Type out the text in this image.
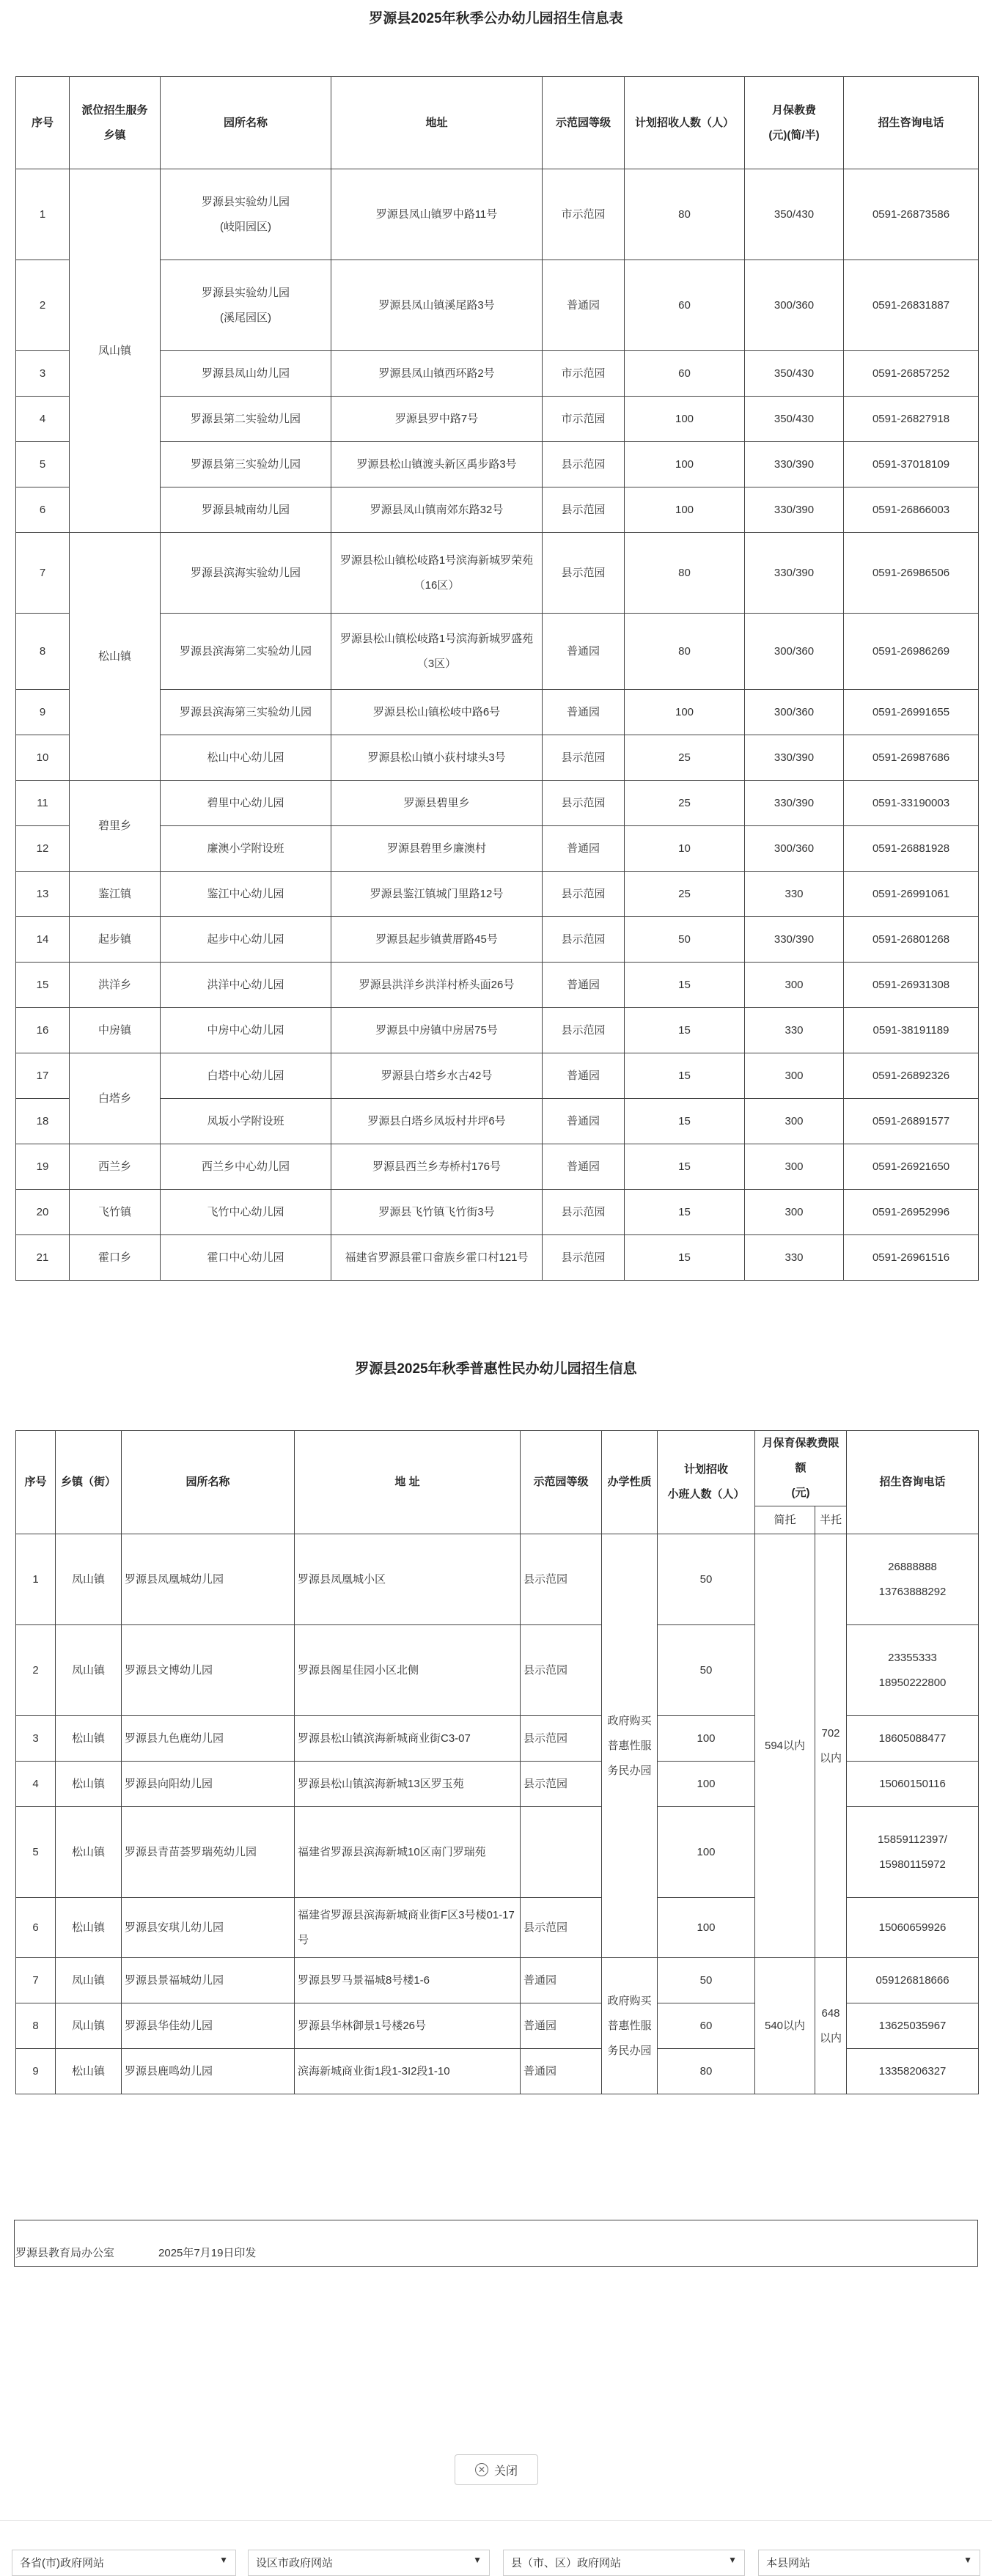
罗源县2025年秋季公办幼儿园招生信息表
序号	派位招生服务
乡镇	园所名称	地址	示范园等级	计划招收人数（人）	月保教费
(元)(简/半)	招生咨询电话
1	凤山镇	罗源县实验幼儿园
(岐阳园区)	罗源县凤山镇罗中路11号	市示范园	80	350/430	0591-26873586
2		罗源县实验幼儿园
(溪尾园区)	罗源县凤山镇溪尾路3号	普通园	60	300/360	0591-26831887
3		罗源县凤山幼儿园	罗源县凤山镇西环路2号	市示范园	60	350/430	0591-26857252
4		罗源县第二实验幼儿园	罗源县罗中路7号	市示范园	100	350/430	0591-26827918
5		罗源县第三实验幼儿园	罗源县松山镇渡头新区禹步路3号	县示范园	100	330/390	0591-37018109
6		罗源县城南幼儿园	罗源县凤山镇南郊东路32号	县示范园	100	330/390	0591-26866003
7	松山镇	罗源县滨海实验幼儿园	罗源县松山镇松岐路1号滨海新城罗荣苑（16区）	县示范园	80	330/390	0591-26986506
8		罗源县滨海第二实验幼儿园	罗源县松山镇松岐路1号滨海新城罗盛苑（3区）	普通园	80	300/360	0591-26986269
9		罗源县滨海第三实验幼儿园	罗源县松山镇松岐中路6号	普通园	100	300/360	0591-26991655
10		松山中心幼儿园	罗源县松山镇小荻村埭头3号	县示范园	25	330/390	0591-26987686
11	碧里乡	碧里中心幼儿园	罗源县碧里乡	县示范园	25	330/390	0591-33190003
12		廉澳小学附设班	罗源县碧里乡廉澳村	普通园	10	300/360	0591-26881928
13	鉴江镇	鉴江中心幼儿园	罗源县鉴江镇城门里路12号	县示范园	25	330	0591-26991061
14	起步镇	起步中心幼儿园	罗源县起步镇黄厝路45号	县示范园	50	330/390	0591-26801268
15	洪洋乡	洪洋中心幼儿园	罗源县洪洋乡洪洋村桥头面26号	普通园	15	300	0591-26931308
16	中房镇	中房中心幼儿园	罗源县中房镇中房居75号	县示范园	15	330	0591-38191189
17	白塔乡	白塔中心幼儿园	罗源县白塔乡水古42号	普通园	15	300	0591-26892326
18		凤坂小学附设班	罗源县白塔乡凤坂村井坪6号	普通园	15	300	0591-26891577
19	西兰乡	西兰乡中心幼儿园	罗源县西兰乡寿桥村176号	普通园	15	300	0591-26921650
20	飞竹镇	飞竹中心幼儿园	罗源县飞竹镇飞竹街3号	县示范园	15	300	0591-26952996
21	霍口乡	霍口中心幼儿园	福建省罗源县霍口畲族乡霍口村121号	县示范园	15	330	0591-26961516
罗源县2025年秋季普惠性民办幼儿园招生信息
序号	乡镇（街）	园所名称	地 址	示范园等级	办学性质	计划招收
小班人数（人）	月保育保教费限额
(元)		招生咨询电话
							简托	半托	
1	凤山镇	罗源县凤凰城幼儿园	罗源县凤凰城小区	县示范园	政府购买
普惠性服
务民办园	50	594以内	702以内	26888888
13763888292
2	凤山镇	罗源县文博幼儿园	罗源县阁星佳园小区北侧	县示范园		50			23355333
18950222800
3	松山镇	罗源县九色鹿幼儿园	罗源县松山镇滨海新城商业街C3-07	县示范园		100			18605088477
4	松山镇	罗源县向阳幼儿园	罗源县松山镇滨海新城13区罗玉苑	县示范园		100			15060150116
5	松山镇	罗源县青苗荟罗瑞苑幼儿园	福建省罗源县滨海新城10区南门罗瑞苑			100			15859112397/
15980115972
6	松山镇	罗源县安琪儿幼儿园	福建省罗源县滨海新城商业街F区3号楼01-17号	县示范园		100			15060659926
7	凤山镇	罗源县景福城幼儿园	罗源县罗马景福城8号楼1-6	普通园	政府购买
普惠性服
务民办园	50	540以内	648以内	059126818666
8	凤山镇	罗源县华佳幼儿园	罗源县华林御景1号楼26号	普通园		60			13625035967
9	松山镇	罗源县鹿鸣幼儿园	滨海新城商业街1段1-3I2段1-10	普通园		80			13358206327
罗源县教育局办公室	2025年7月19日印发
✕ 关闭
各省(市)政府网站	▼	设区市政府网站	▼	县（市、区）政府网站	▼	本县网站	▼
